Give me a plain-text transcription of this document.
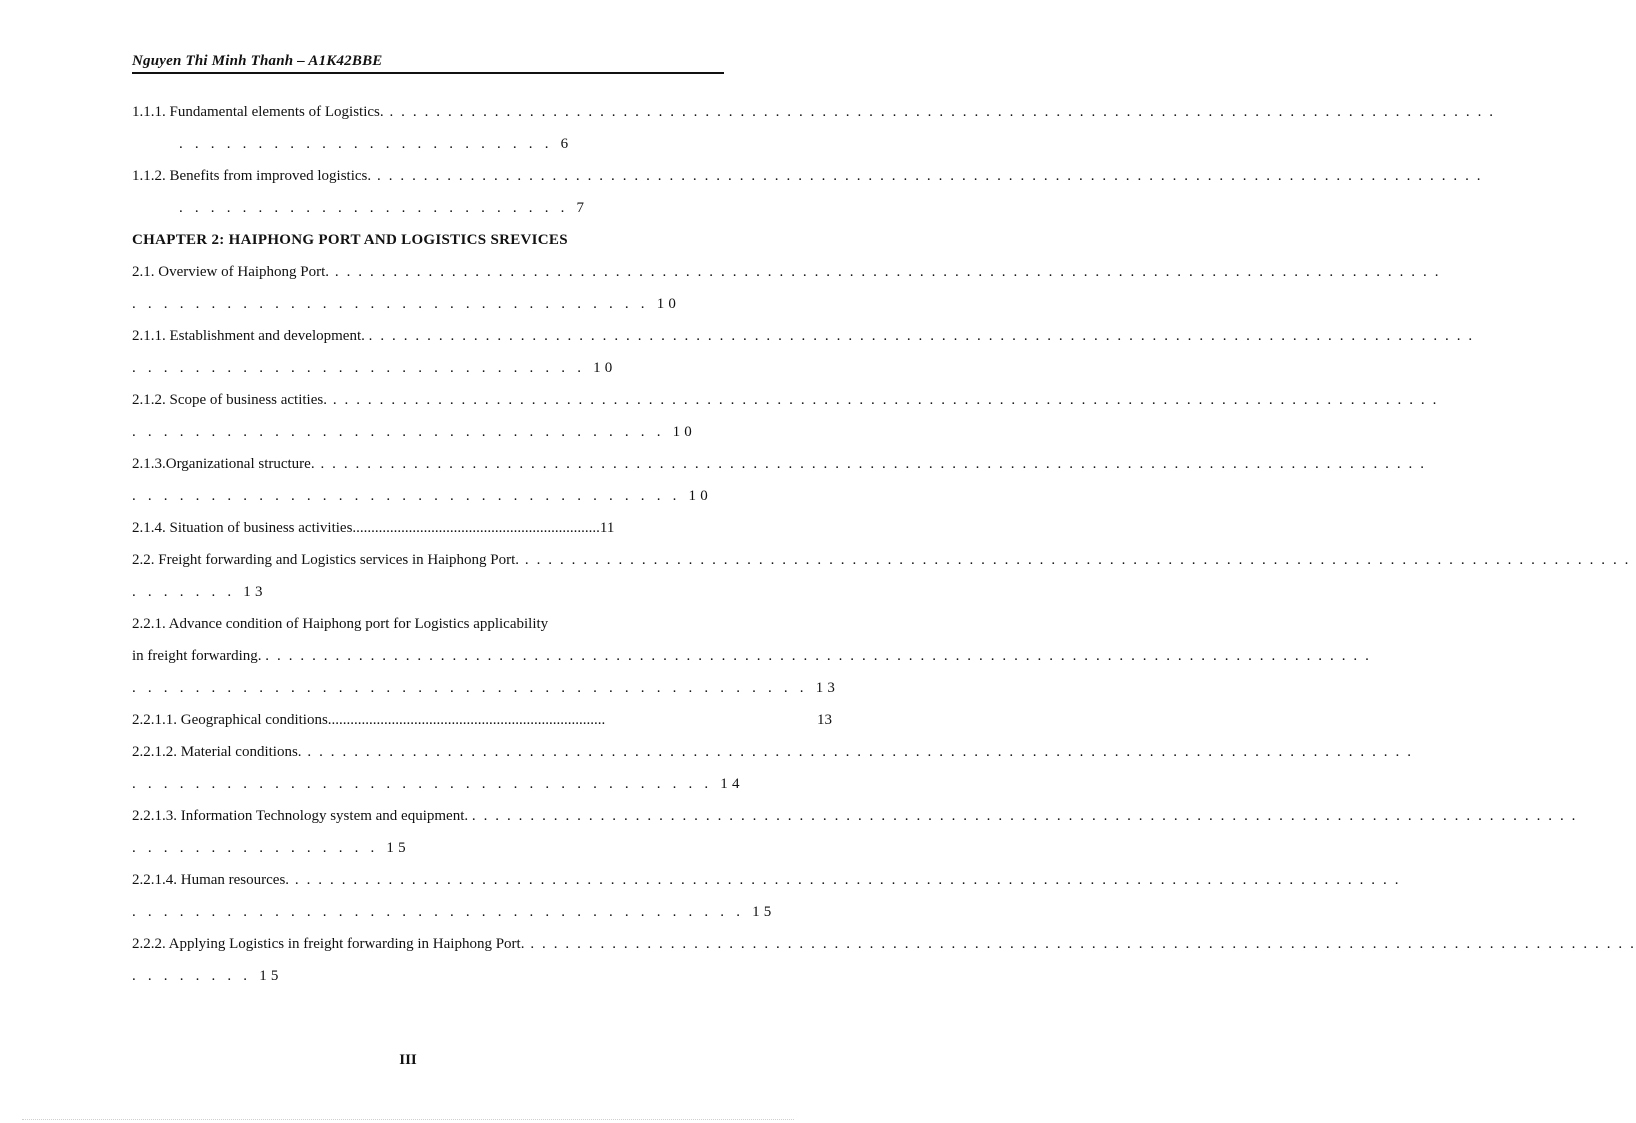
Nguyen Thi Minh Thanh – A1K42BBE
1.1.1. Fundamental elements of Logistics. . . .
. . . . . . . . . . . . . . . . . . . . . . . . 6
1.1.2. Benefits from improved logistics. . . .
. . . . . . . . . . . . . . . . . . . . . . . . . 7
CHAPTER 2: HAIPHONG PORT AND LOGISTICS SREVICES
2.1. Overview of Haiphong Port. . . .
. . . . . . . . . . . . . . . . . . . . . . . . . . . . . . . . . 10
2.1.1. Establishment and development. . . .
. . . . . . . . . . . . . . . . . . . . . . . . . . . . . 10
2.1.2. Scope of business actities. . . .
. . . . . . . . . . . . . . . . . . . . . . . . . . . . . . . . . . 10
2.1.3.Organizational structure. . . .
. . . . . . . . . . . . . . . . . . . . . . . . . . . . . . . . . . . 10
2.1.4. Situation of business activities..................................................................11
2.2. Freight forwarding and Logistics services in Haiphong Port. . . .
. . . . . . . 13
2.2.1. Advance condition of Haiphong port for Logistics applicability
in freight forwarding. . . .
. . . . . . . . . . . . . . . . . . . . . . . . . . . . . . . . . . . . . . . . . . . 13
2.2.1.1. Geographical conditions..........................................................................	13
2.2.1.2. Material conditions. . . .
. . . . . . . . . . . . . . . . . . . . . . . . . . . . . . . . . . . . . 14
2.2.1.3. Information Technology system and equipment. . . .
. . . . . . . . . . . . . . . . 15
2.2.1.4. Human resources. . . .
. . . . . . . . . . . . . . . . . . . . . . . . . . . . . . . . . . . . . . . 15
2.2.2. Applying Logistics in freight forwarding in Haiphong Port. . . .
. . . . . . . . 15
III
